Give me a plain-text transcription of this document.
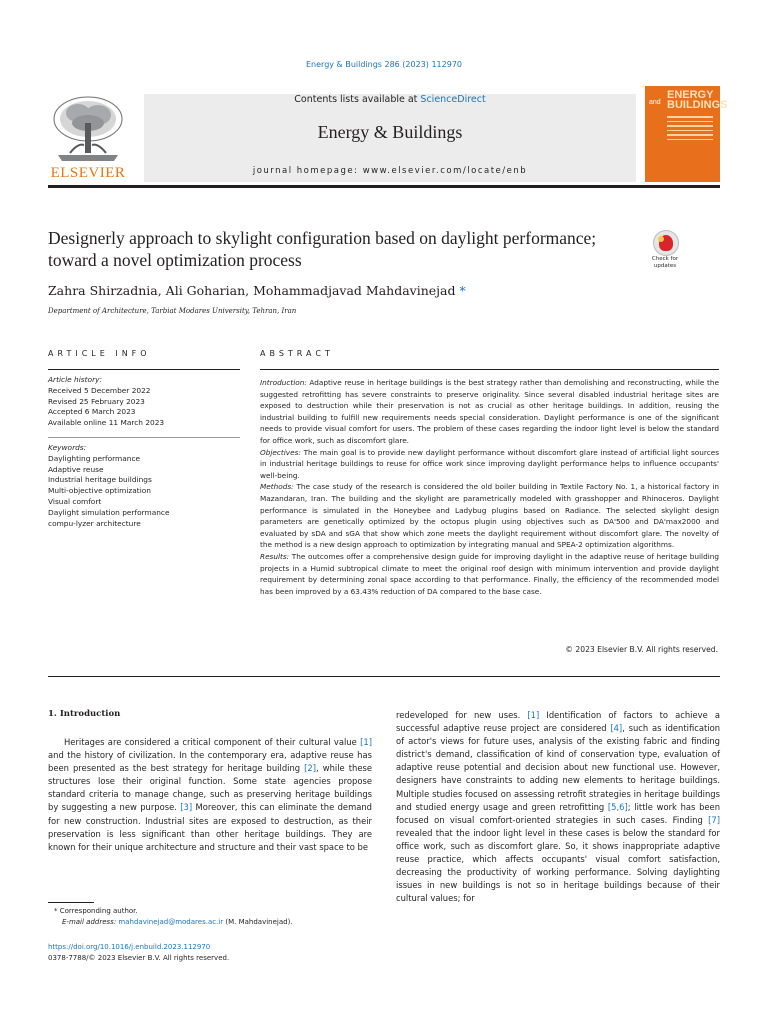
Energy & Buildings 286 (2023) 112970
ELSEVIER
Contents lists available at ScienceDirect
Energy & Buildings
journal homepage: www.elsevier.com/locate/enb
and
ENERGY BUILDINGS
Designerly approach to skylight configuration based on daylight performance; toward a novel optimization process	Check for updates
Zahra Shirzadnia, Ali Goharian, Mohammadjavad Mahdavinejad *
Department of Architecture, Tarbiat Modares University, Tehran, Iran
ARTICLE INFO
Article history:
Received 5 December 2022
Revised 25 February 2023
Accepted 6 March 2023
Available online 11 March 2023
Keywords:
Daylighting performance
Adaptive reuse
Industrial heritage buildings
Multi-objective optimization
Visual comfort
Daylight simulation performance
compu-lyzer architecture
ABSTRACT
Introduction: Adaptive reuse in heritage buildings is the best strategy rather than demolishing and reconstructing, while the suggested retrofitting has severe constraints to preserve originality. Since several disabled industrial heritage sites are exposed to destruction while their preservation is not as crucial as other heritage buildings. In addition, reusing the industrial building to fulfill new requirements needs special consideration. Daylight performance is one of the significant needs to provide visual comfort for users. The problem of these cases regarding the indoor light level is below the standard for office work, such as discomfort glare.
Objectives: The main goal is to provide new daylight performance without discomfort glare instead of artificial light sources in industrial heritage buildings to reuse for office work since improving daylight performance helps to influence occupants' well-being.
Methods: The case study of the research is considered the old boiler building in Textile Factory No. 1, a historical factory in Mazandaran, Iran. The building and the skylight are parametrically modeled with grasshopper and Rhinoceros. Daylight performance is simulated in the Honeybee and Ladybug plugins based on Radiance. The selected skylight design parameters are genetically optimized by the octopus plugin using objectives such as DA'500 and DA'max2000 and evaluated by sDA and sGA that show which zone meets the daylight requirement without discomfort glare. The novelty of the method is a new design approach to optimization by integrating manual and SPEA-2 optimization algorithms.
Results: The outcomes offer a comprehensive design guide for improving daylight in the adaptive reuse of heritage building projects in a Humid subtropical climate to meet the original roof design with minimum intervention and provide daylight requirement by determining zonal space according to that performance. Finally, the efficiency of the recommended model has been improved by a 63.43% reduction of DA compared to the base case.
© 2023 Elsevier B.V. All rights reserved.
1. Introduction
Heritages are considered a critical component of their cultural value [1] and the history of civilization. In the contemporary era, adaptive reuse has been presented as the best strategy for heritage building [2], while these structures lose their original function. Some state agencies propose standard criteria to manage change, such as preserving heritage buildings by suggesting a new purpose. [3] Moreover, this can eliminate the demand for new construction. Industrial sites are exposed to destruction, as their preservation is less significant than other heritage buildings. They are known for their unique architecture and structure and their vast space to be
redeveloped for new uses. [1] Identification of factors to achieve a successful adaptive reuse project are considered [4], such as identification of actor's views for future uses, analysis of the existing fabric and finding district's demand, classification of kind of conservation type, evaluation of adaptive reuse potential and decision about new functional use. However, designers have constraints to adding new elements to heritage buildings. Multiple studies focused on assessing retrofit strategies in heritage buildings and studied energy usage and green retrofitting [5,6]; little work has been focused on visual comfort-oriented strategies in such cases. Finding [7] revealed that the indoor light level in these cases is below the standard for office work, such as discomfort glare. So, it shows inappropriate adaptive reuse practice, which affects occupants' visual comfort satisfaction, decreasing the productivity of working performance. Solving daylighting issues in new buildings is not so in heritage buildings because of their cultural values; for
* Corresponding author.
E-mail address: mahdavinejad@modares.ac.ir (M. Mahdavinejad).
https://doi.org/10.1016/j.enbuild.2023.112970
0378-7788/© 2023 Elsevier B.V. All rights reserved.
